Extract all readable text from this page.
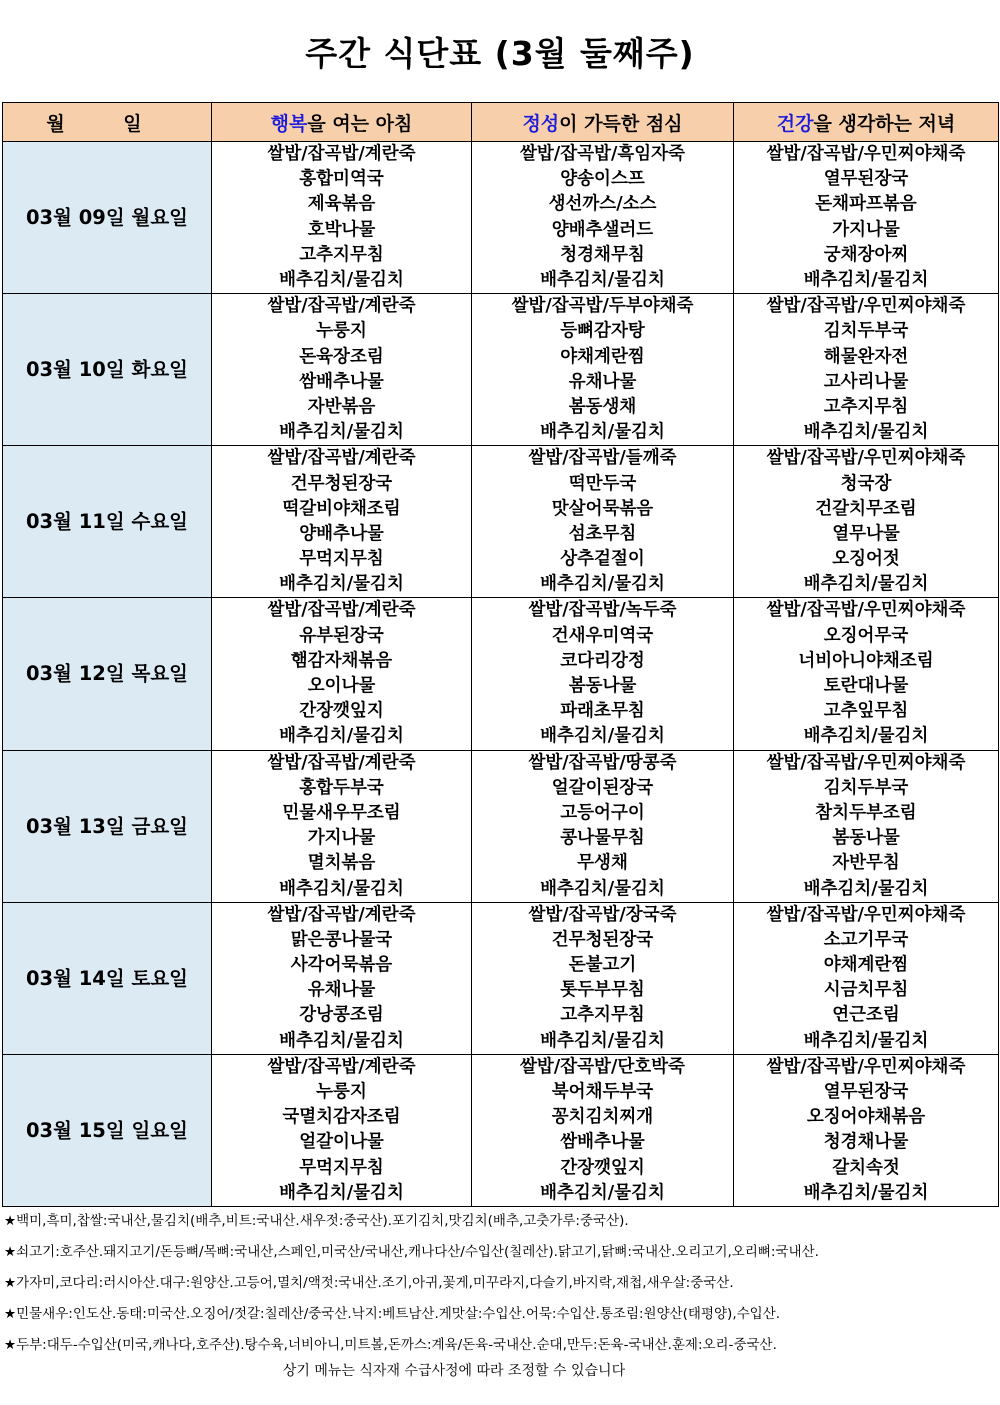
주간 식단표 (3월 둘째주)
월 일	행복을 여는 아침	정성이 가득한 점심	건강을 생각하는 저녁
03월 09일 월요일	쌀밥/잡곡밥/계란죽	쌀밥/잡곡밥/흑임자죽	쌀밥/잡곡밥/우민찌야채죽
	홍합미역국	양송이스프	열무된장국
	제육볶음	생선까스/소스	돈채파프볶음
	호박나물	양배추샐러드	가지나물
	고추지무침	청경채무침	궁채장아찌
	배추김치/물김치	배추김치/물김치	배추김치/물김치
03월 10일 화요일	쌀밥/잡곡밥/계란죽	쌀밥/잡곡밥/두부야채죽	쌀밥/잡곡밥/우민찌야채죽
	누룽지	등뼈감자탕	김치두부국
	돈육장조림	야채계란찜	해물완자전
	쌈배추나물	유채나물	고사리나물
	자반볶음	봄동생채	고추지무침
	배추김치/물김치	배추김치/물김치	배추김치/물김치
03월 11일 수요일	쌀밥/잡곡밥/계란죽	쌀밥/잡곡밥/들깨죽	쌀밥/잡곡밥/우민찌야채죽
	건무청된장국	떡만두국	청국장
	떡갈비야채조림	맛살어묵볶음	건갈치무조림
	양배추나물	섬초무침	열무나물
	무먹지무침	상추겉절이	오징어젓
	배추김치/물김치	배추김치/물김치	배추김치/물김치
03월 12일 목요일	쌀밥/잡곡밥/계란죽	쌀밥/잡곡밥/녹두죽	쌀밥/잡곡밥/우민찌야채죽
	유부된장국	건새우미역국	오징어무국
	햄감자채볶음	코다리강정	너비아니야채조림
	오이나물	봄동나물	토란대나물
	간장깻잎지	파래초무침	고추잎무침
	배추김치/물김치	배추김치/물김치	배추김치/물김치
03월 13일 금요일	쌀밥/잡곡밥/계란죽	쌀밥/잡곡밥/땅콩죽	쌀밥/잡곡밥/우민찌야채죽
	홍합두부국	얼갈이된장국	김치두부국
	민물새우무조림	고등어구이	참치두부조림
	가지나물	콩나물무침	봄동나물
	멸치볶음	무생채	자반무침
	배추김치/물김치	배추김치/물김치	배추김치/물김치
03월 14일 토요일	쌀밥/잡곡밥/계란죽	쌀밥/잡곡밥/장국죽	쌀밥/잡곡밥/우민찌야채죽
	맑은콩나물국	건무청된장국	소고기무국
	사각어묵볶음	돈불고기	야채계란찜
	유채나물	톳두부무침	시금치무침
	강낭콩조림	고추지무침	연근조림
	배추김치/물김치	배추김치/물김치	배추김치/물김치
03월 15일 일요일	쌀밥/잡곡밥/계란죽	쌀밥/잡곡밥/단호박죽	쌀밥/잡곡밥/우민찌야채죽
	누룽지	북어채두부국	열무된장국
	국멸치감자조림	꽁치김치찌개	오징어야채볶음
	얼갈이나물	쌈배추나물	청경채나물
	무먹지무침	간장깻잎지	갈치속젓
	배추김치/물김치	배추김치/물김치	배추김치/물김치
★백미,흑미,찹쌀:국내산,물김치(배추,비트:국내산.새우젓:중국산).포기김치,맛김치(배추,고춧가루:중국산).
★쇠고기:호주산.돼지고기/돈등뼈/목뼈:국내산,스페인,미국산/국내산,캐나다산/수입산(칠레산).닭고기,닭뼈:국내산.오리고기,오리뼈:국내산.
★가자미,코다리:러시아산.대구:원양산.고등어,멸치/액젓:국내산.조기,아귀,꽃게,미꾸라지,다슬기,바지락,재첩,새우살:중국산.
★민물새우:인도산.동태:미국산.오징어/젓갈:칠레산/중국산.낙지:베트남산.게맛살:수입산.어묵:수입산.통조림:원양산(태평양),수입산.
★두부:대두-수입산(미국,캐나다,호주산).탕수육,너비아니,미트볼,돈까스:계육/돈육-국내산.순대,만두:돈육-국내산.훈제:오리-중국산.
상기 메뉴는 식자재 수급사정에 따라 조정할 수 있습니다
